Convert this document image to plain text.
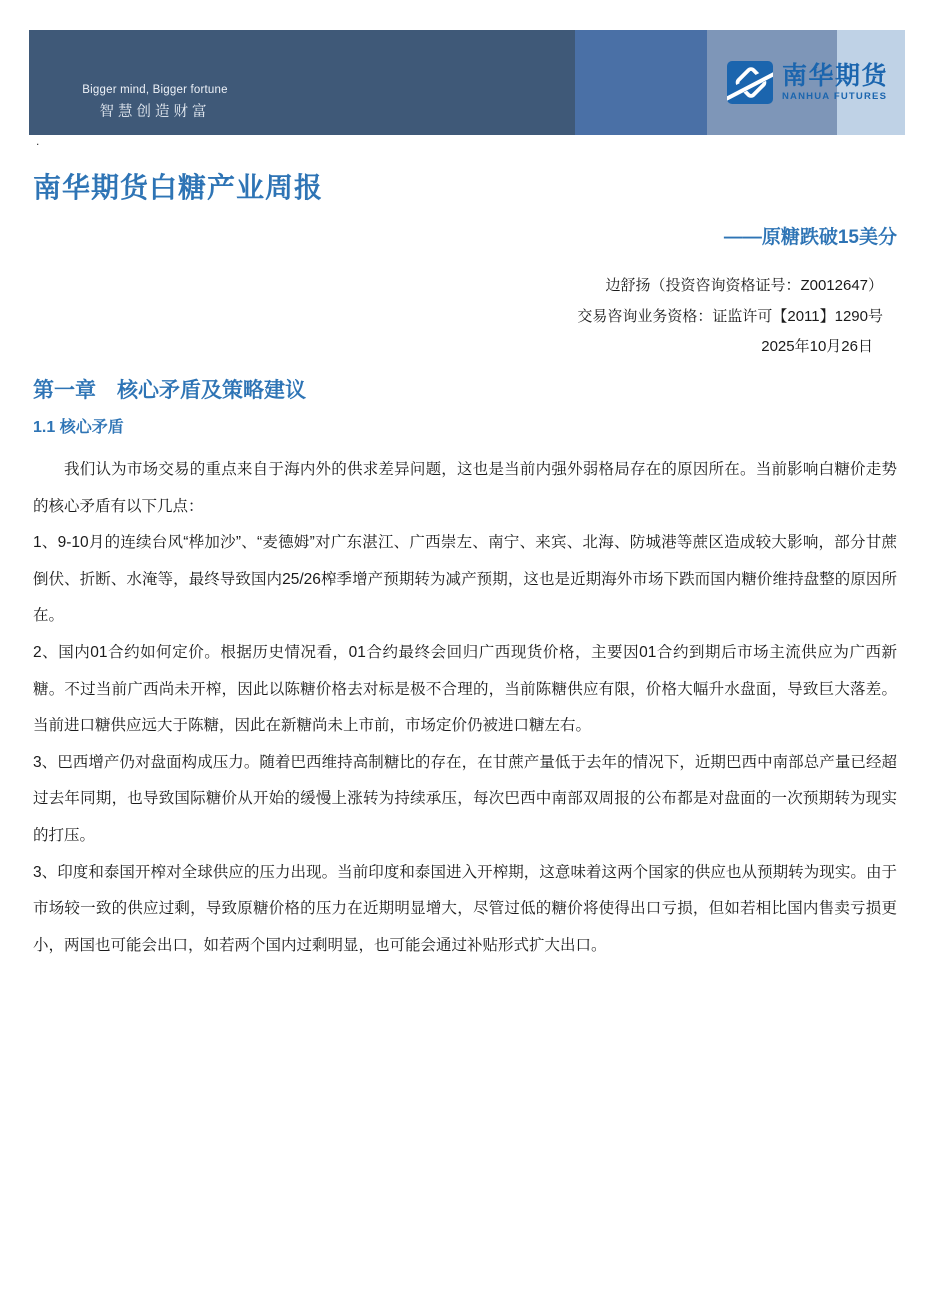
Bigger mind, Bigger fortune
智慧创造财富
南华期货
NANHUA FUTURES
.
南华期货白糖产业周报
——原糖跌破15美分
边舒扬（投资咨询资格证号：Z0012647）
交易咨询业务资格：证监许可【2011】1290号
2025年10月26日
第一章　核心矛盾及策略建议
1.1 核心矛盾

我们认为市场交易的重点来自于海内外的供求差异问题，这也是当前内强外弱格局存在的原因所在。当前影响白糖价走势的核心矛盾有以下几点：

1、9-10月的连续台风“桦加沙”、“麦德姆”对广东湛江、广西崇左、南宁、来宾、北海、防城港等蔗区造成较大影响，部分甘蔗倒伏、折断、水淹等，最终导致国内25/26榨季增产预期转为减产预期，这也是近期海外市场下跌而国内糖价维持盘整的原因所在。

2、国内01合约如何定价。根据历史情况看，01合约最终会回归广西现货价格，主要因01合约到期后市场主流供应为广西新糖。不过当前广西尚未开榨，因此以陈糖价格去对标是极不合理的，当前陈糖供应有限，价格大幅升水盘面，导致巨大落差。当前进口糖供应远大于陈糖，因此在新糖尚未上市前，市场定价仍被进口糖左右。

3、巴西增产仍对盘面构成压力。随着巴西维持高制糖比的存在，在甘蔗产量低于去年的情况下，近期巴西中南部总产量已经超过去年同期，也导致国际糖价从开始的缓慢上涨转为持续承压，每次巴西中南部双周报的公布都是对盘面的一次预期转为现实的打压。

3、印度和泰国开榨对全球供应的压力出现。当前印度和泰国进入开榨期，这意味着这两个国家的供应也从预期转为现实。由于市场较一致的供应过剩，导致原糖价格的压力在近期明显增大，尽管过低的糖价将使得出口亏损，但如若相比国内售卖亏损更小，两国也可能会出口，如若两个国内过剩明显，也可能会通过补贴形式扩大出口。
